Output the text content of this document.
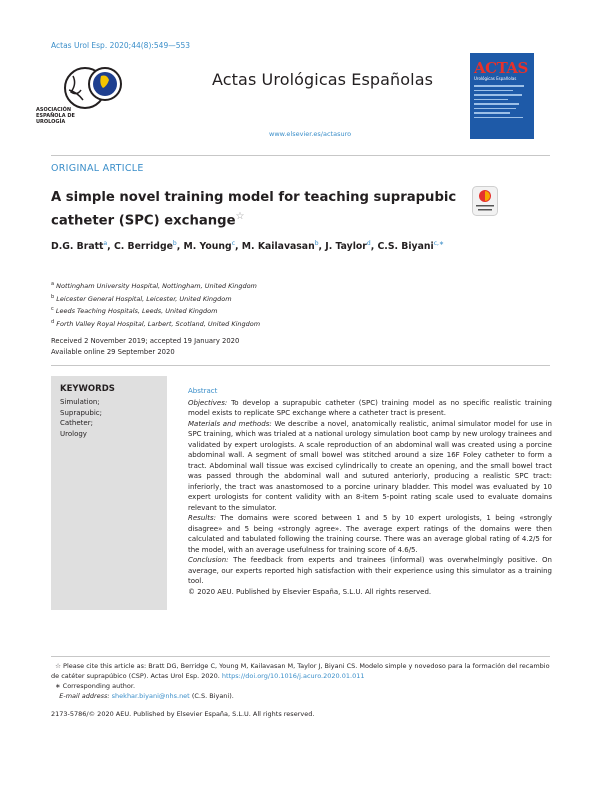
Actas Urol Esp. 2020;44(8):549—553
ASOCIACIÓN ESPAÑOLA DE UROLOGÍA
Actas Urológicas Españolas
www.elsevier.es/actasuro
ACTAS
Urológicas Españolas
ORIGINAL ARTICLE
A simple novel training model for teaching suprapubic catheter (SPC) exchange☆
D.G. Bratt$^a$, C. Berridge$^b$, M. Young$^c$, M. Kailavasan$^b$, J. Taylor$^d$, C.S. Biyani$^{c,∗}$
$^a$ Nottingham University Hospital, Nottingham, United Kingdom
$^b$ Leicester General Hospital, Leicester, United Kingdom
$^c$ Leeds Teaching Hospitals, Leeds, United Kingdom
$^d$ Forth Valley Royal Hospital, Larbert, Scotland, United Kingdom
Received 2 November 2019; accepted 19 January 2020
Available online 29 September 2020
KEYWORDS
Simulation;
Suprapubic;
Catheter;
Urology
Abstract

Objectives: To develop a suprapubic catheter (SPC) training model as no specific realistic training model exists to replicate SPC exchange where a catheter tract is present.

Materials and methods: We describe a novel, anatomically realistic, animal simulator model for use in SPC training, which was trialed at a national urology simulation boot camp by new urology trainees and validated by expert urologists. A scale reproduction of an abdominal wall was created using a porcine abdominal wall. A segment of small bowel was stitched around a size 16F Foley catheter to form a tract. Abdominal wall tissue was excised cylindrically to create an opening, and the small bowel tract was passed through the abdominal wall and sutured anteriorly, producing a realistic SPC tract: inferiorly, the tract was anastomosed to a porcine urinary bladder. This model was evaluated by 10 expert urologists for content validity with an 8-item 5-point rating scale used to evaluate domains relevant to the simulator.

Results: The domains were scored between 1 and 5 by 10 expert urologists, 1 being «strongly disagree» and 5 being «strongly agree». The average expert ratings of the domains were then calculated and tabulated following the training course. There was an average global rating of 4.2/5 for the model, with an average usefulness for training score of 4.6/5.

Conclusion: The feedback from experts and trainees (informal) was overwhelmingly positive. On average, our experts reported high satisfaction with their experience using this simulator as a training tool.

© 2020 AEU. Published by Elsevier España, S.L.U. All rights reserved.

☆ Please cite this article as: Bratt DG, Berridge C, Young M, Kailavasan M, Taylor J, Biyani CS. Modelo simple y novedoso para la formación del recambio de catéter suprapúbico (CSP). Actas Urol Esp. 2020. https://doi.org/10.1016/j.acuro.2020.01.011

∗ Corresponding author.

E-mail address: shekhar.biyani@nhs.net (C.S. Biyani).

2173-5786/© 2020 AEU. Published by Elsevier España, S.L.U. All rights reserved.
